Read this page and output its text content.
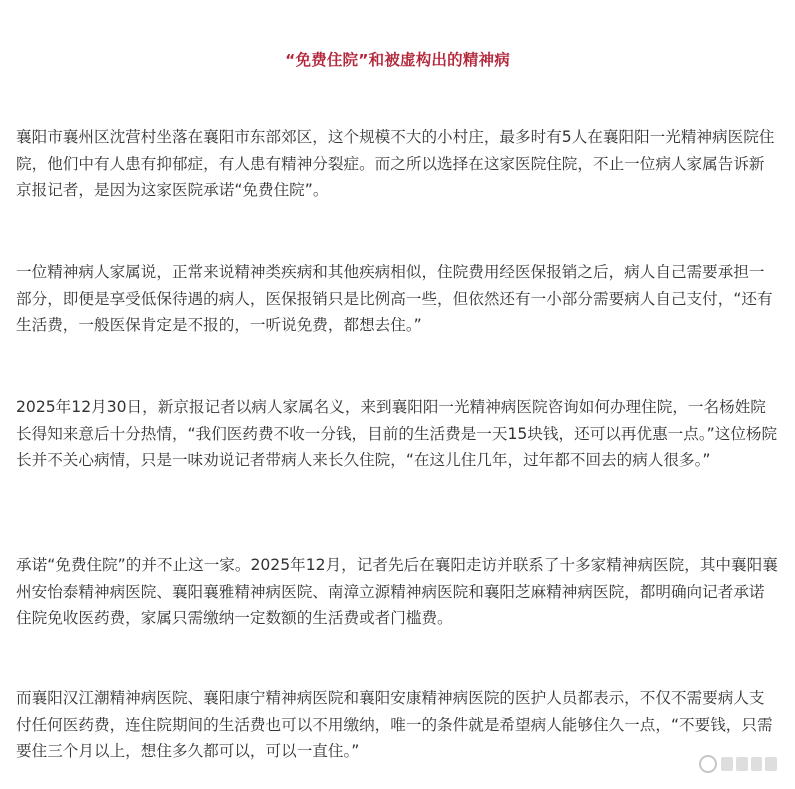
“免费住院”和被虚构出的精神病

襄阳市襄州区沈营村坐落在襄阳市东部郊区，这个规模不大的小村庄，最多时有5人在襄阳阳一光精神病医院住院，他们中有人患有抑郁症，有人患有精神分裂症。而之所以选择在这家医院住院，不止一位病人家属告诉新京报记者，是因为这家医院承诺“免费住院”。

一位精神病人家属说，正常来说精神类疾病和其他疾病相似，住院费用经医保报销之后，病人自己需要承担一部分，即便是享受低保待遇的病人，医保报销只是比例高一些，但依然还有一小部分需要病人自己支付，“还有生活费，一般医保肯定是不报的，一听说免费，都想去住。”

2025年12月30日，新京报记者以病人家属名义，来到襄阳阳一光精神病医院咨询如何办理住院，一名杨姓院长得知来意后十分热情，“我们医药费不收一分钱，目前的生活费是一天15块钱，还可以再优惠一点。”这位杨院长并不关心病情，只是一味劝说记者带病人来长久住院，“在这儿住几年，过年都不回去的病人很多。”

承诺“免费住院”的并不止这一家。2025年12月，记者先后在襄阳走访并联系了十多家精神病医院，其中襄阳襄州安怡泰精神病医院、襄阳襄雅精神病医院、南漳立源精神病医院和襄阳芝麻精神病医院，都明确向记者承诺住院免收医药费，家属只需缴纳一定数额的生活费或者门槛费。

而襄阳汉江潮精神病医院、襄阳康宁精神病医院和襄阳安康精神病医院的医护人员都表示，不仅不需要病人支付任何医药费，连住院期间的生活费也可以不用缴纳，唯一的条件就是希望病人能够住久一点，“不要钱，只需要住三个月以上，想住多久都可以，可以一直住。”
